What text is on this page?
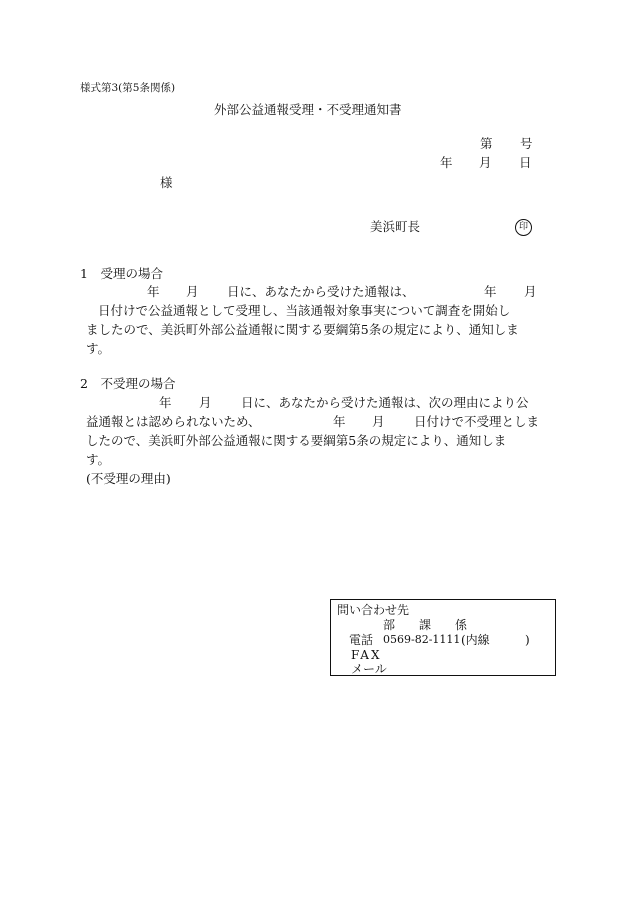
様式第3(第5条関係)
外部公益通報受理・不受理通知書
第 号
年 月 日
様
美浜町長	印
1　受理の場合
年 月 日に、あなたから受けた通報は、	年 月
日付けで公益通報として受理し、当該通報対象事実について調査を開始し
ましたので、美浜町外部公益通報に関する要綱第5条の規定により、通知しま
す。
2　不受理の場合
年 月 日に、あなたから受けた通報は、次の理由により公
益通報とは認められないため、	年 月 日付けで不受理としま
したので、美浜町外部公益通報に関する要綱第5条の規定により、通知しま
す。
(不受理の理由)
問い合わせ先
部 課 係
電話 0569-82-1111 (内線	)
FAX
メール
